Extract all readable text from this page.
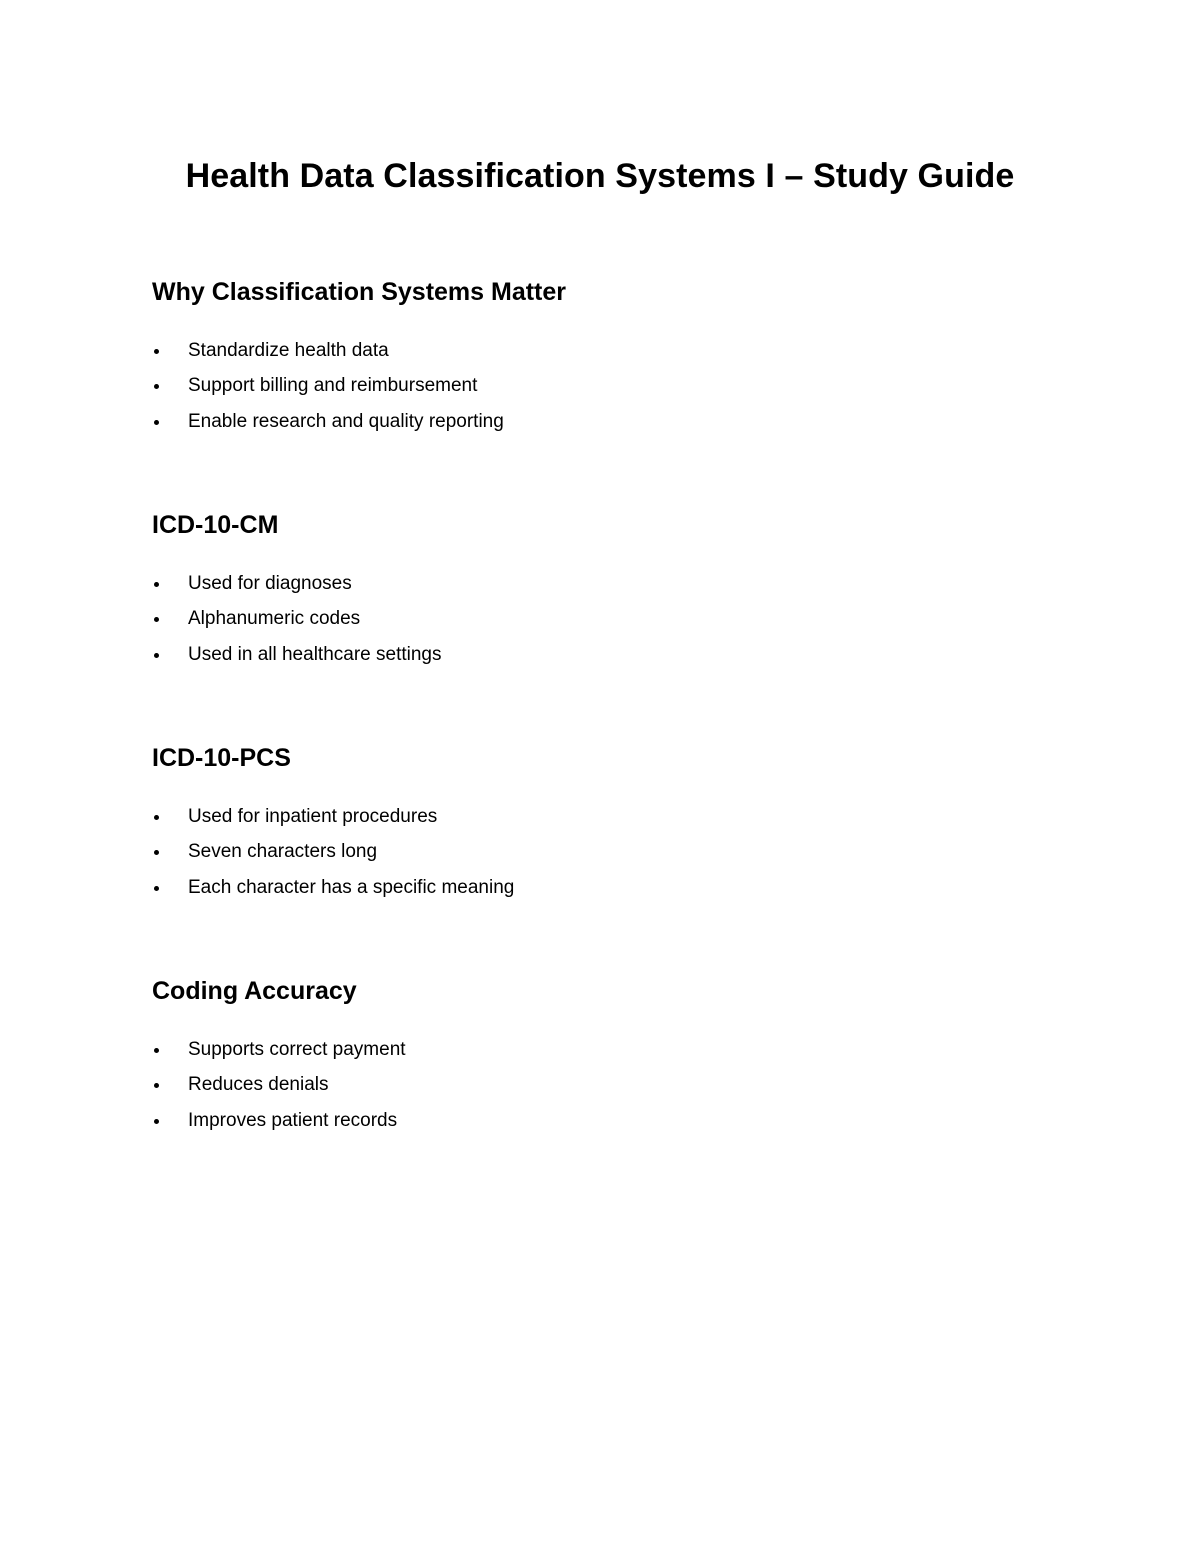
Health Data Classification Systems I – Study Guide
Why Classification Systems Matter
Standardize health data
Support billing and reimbursement
Enable research and quality reporting
ICD-10-CM
Used for diagnoses
Alphanumeric codes
Used in all healthcare settings
ICD-10-PCS
Used for inpatient procedures
Seven characters long
Each character has a specific meaning
Coding Accuracy
Supports correct payment
Reduces denials
Improves patient records
